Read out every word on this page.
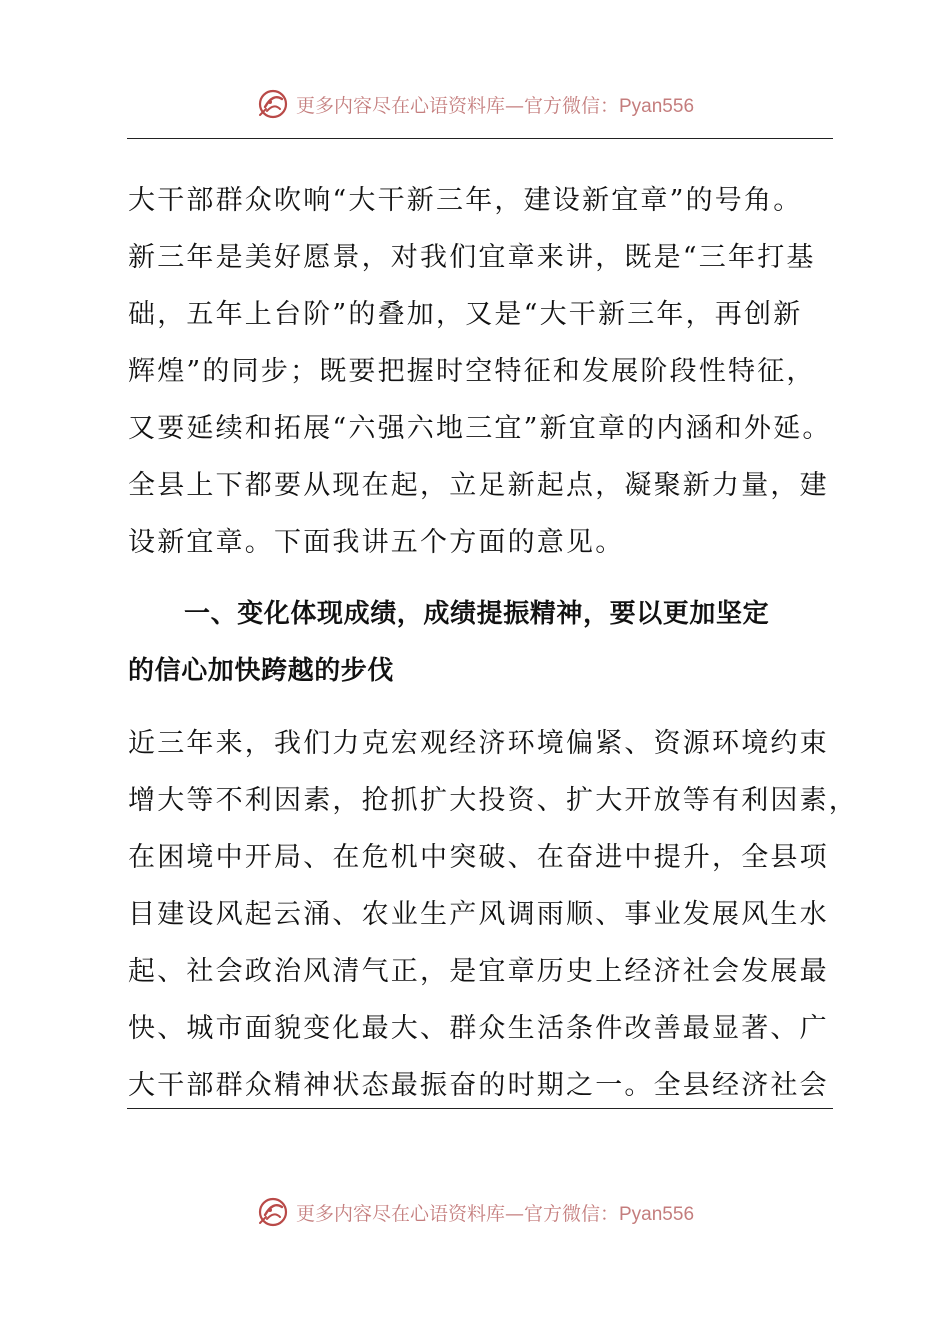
更多内容尽在心语资料库—官方微信：Pyan556
大干部群众吹响“大干新三年，建设新宜章”的号角。
新三年是美好愿景，对我们宜章来讲，既是“三年打基
础，五年上台阶”的叠加，又是“大干新三年，再创新
辉煌”的同步；既要把握时空特征和发展阶段性特征，
又要延续和拓展“六强六地三宜”新宜章的内涵和外延。
全县上下都要从现在起，立足新起点，凝聚新力量，建
设新宜章。下面我讲五个方面的意见。
一、变化体现成绩，成绩提振精神，要以更加坚定
的信心加快跨越的步伐
近三年来，我们力克宏观经济环境偏紧、资源环境约束
增大等不利因素，抢抓扩大投资、扩大开放等有利因素，
在困境中开局、在危机中突破、在奋进中提升，全县项
目建设风起云涌、农业生产风调雨顺、事业发展风生水
起、社会政治风清气正，是宜章历史上经济社会发展最
快、城市面貌变化最大、群众生活条件改善最显著、广
大干部群众精神状态最振奋的时期之一。全县经济社会
更多内容尽在心语资料库—官方微信：Pyan556
